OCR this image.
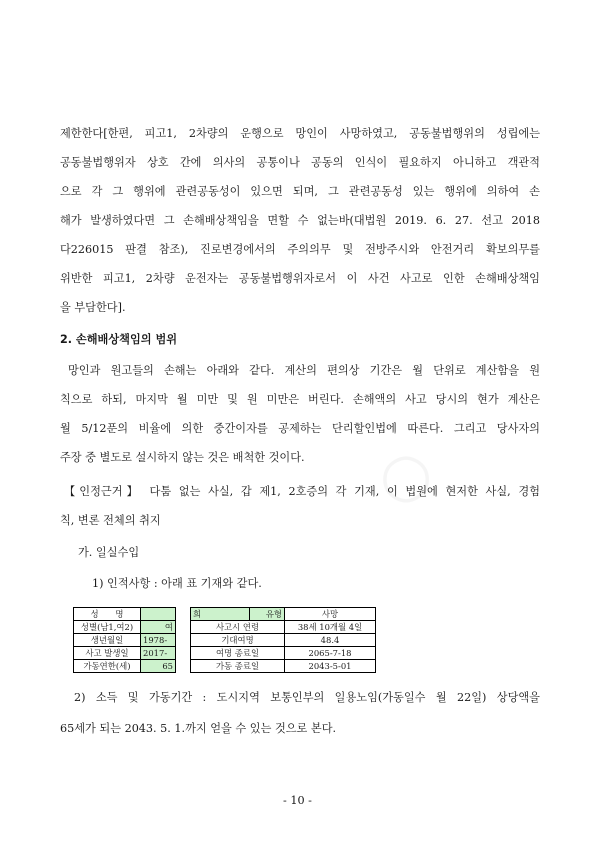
○
제한한다[한편, 피고1, 2차량의 운행으로 망인이 사망하였고, 공동불법행위의 성립에는
공동불법행위자 상호 간에 의사의 공통이나 공동의 인식이 필요하지 아니하고 객관적
으로 각 그 행위에 관련공동성이 있으면 되며, 그 관련공동성 있는 행위에 의하여 손
해가 발생하였다면 그 손해배상책임을 면할 수 없는바(대법원 2019. 6. 27. 선고 2018
다226015 판결 참조), 진로변경에서의 주의의무 및 전방주시와 안전거리 확보의무를
위반한 피고1, 2차량 운전자는 공동불법행위자로서 이 사건 사고로 인한 손해배상책임
을 부담한다].
2. 손해배상책임의 범위
망인과 원고들의 손해는 아래와 같다. 계산의 편의상 기간은 월 단위로 계산함을 원
칙으로 하되, 마지막 월 미만 및 원 미만은 버린다. 손해액의 사고 당시의 현가 계산은
월 5/12푼의 비율에 의한 중간이자를 공제하는 단리할인법에 따른다. 그리고 당사자의
주장 중 별도로 설시하지 않는 것은 배척한 것이다.
【인정근거】 다툼 없는 사실, 갑 제1, 2호증의 각 기재, 이 법원에 현저한 사실, 경험
칙, 변론 전체의 취지
가. 일실수입
1) 인적사항 : 아래 표 기재와 같다.
성　　명			희	유형	사망
성별(남1,여2)	여		사고시 연령		38세 10개월 4일
생년월일	1978-		기대여명		48.4
사고 발생일	2017-		여명 종료일		2065-7-18
가동연한(세)	65		가동 종료일		2043-5-01
2) 소득 및 가동기간 : 도시지역 보통인부의 일용노임(가동일수 월 22일) 상당액을
65세가 되는 2043. 5. 1.까지 얻을 수 있는 것으로 본다.
- 10 -
